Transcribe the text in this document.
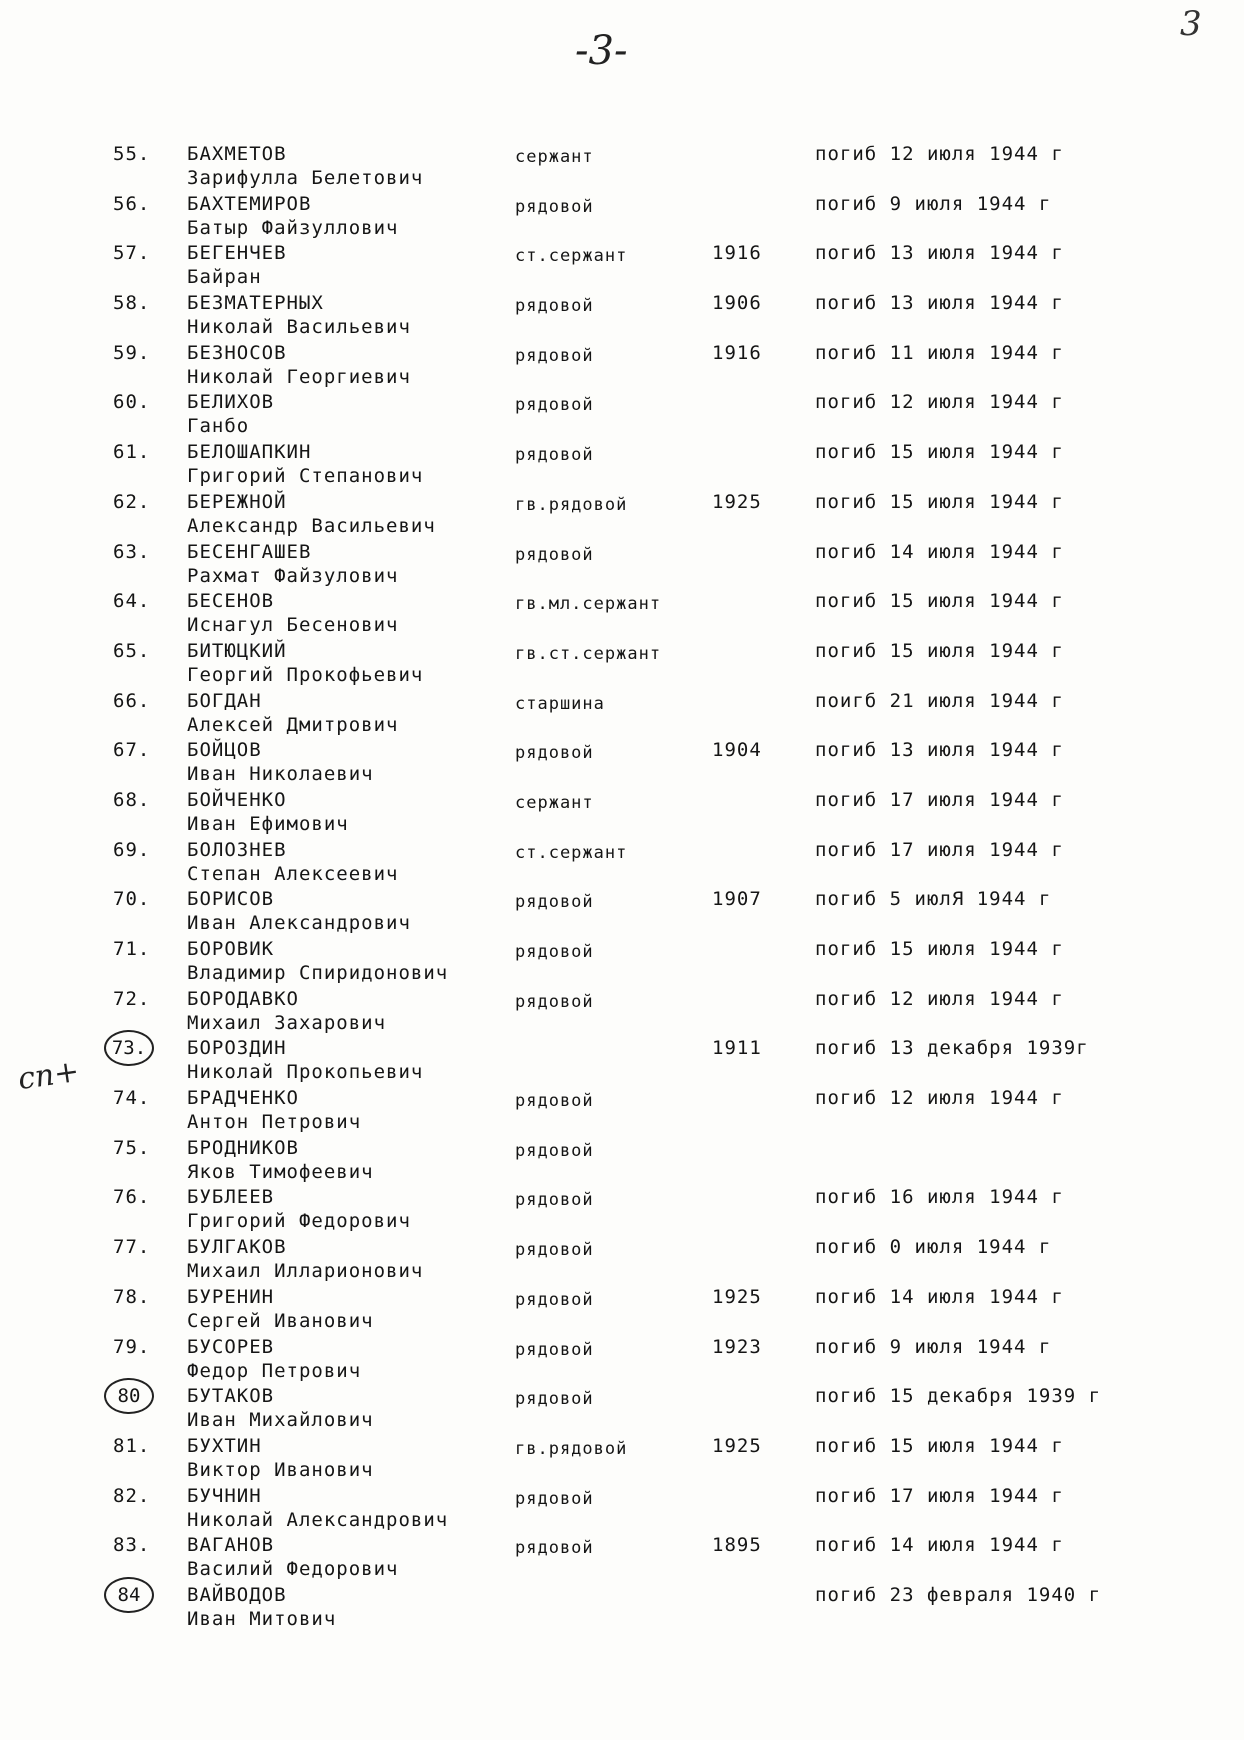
-3-
3
сп+
55.	БАХМЕТОВ
Зарифулла Белетович
сержант	погиб 12 июля 1944 г
56.	БАХТЕМИРОВ
Батыр Файзуллович
рядовой	погиб 9 июля 1944 г
57.	БЕГЕНЧЕВ
Байран
ст.сержант	1916	погиб 13 июля 1944 г
58.	БЕЗМАТЕРНЫХ
Николай Васильевич
рядовой	1906	погиб 13 июля 1944 г
59.	БЕЗНОСОВ
Николай Георгиевич
рядовой	1916	погиб 11 июля 1944 г
60.	БЕЛИХОВ
Ганбо
рядовой	погиб 12 июля 1944 г
61.	БЕЛОШАПКИН
Григорий Степанович
рядовой	погиб 15 июля 1944 г
62.	БЕРЕЖНОЙ
Александр Васильевич
гв.рядовой	1925	погиб 15 июля 1944 г
63.	БЕСЕНГАШЕВ
Рахмат Файзулович
рядовой	погиб 14 июля 1944 г
64.	БЕСЕНОВ
Иснагул Бесенович
гв.мл.сержант	погиб 15 июля 1944 г
65.	БИТЮЦКИЙ
Георгий Прокофьевич
гв.ст.сержант	погиб 15 июля 1944 г
66.	БОГДАН
Алексей Дмитрович
старшина	поигб 21 июля 1944 г
67.	БОЙЦОВ
Иван Николаевич
рядовой	1904	погиб 13 июля 1944 г
68.	БОЙЧЕНКО
Иван Ефимович
сержант	погиб 17 июля 1944 г
69.	БОЛОЗНЕВ
Степан Алексеевич
ст.сержант	погиб 17 июля 1944 г
70.	БОРИСОВ
Иван Александрович
рядовой	1907	погиб 5 июлЯ 1944 г
71.	БОРОВИК
Владимир Спиридонович
рядовой	погиб 15 июля 1944 г
72.	БОРОДАВКО
Михаил Захарович
рядовой	погиб 12 июля 1944 г
73.	БОРОЗДИН
Николай Прокопьевич
1911	погиб 13 декабря 1939г
74.	БРАДЧЕНКО
Антон Петрович
рядовой	погиб 12 июля 1944 г
75.	БРОДНИКОВ
Яков Тимофеевич
рядовой
76.	БУБЛЕЕВ
Григорий Федорович
рядовой	погиб 16 июля 1944 г
77.	БУЛГАКОВ
Михаил Илларионович
рядовой	погиб 0 июля 1944 г
78.	БУРЕНИН
Сергей Иванович
рядовой	1925	погиб 14 июля 1944 г
79.	БУСОРЕВ
Федор Петрович
рядовой	1923	погиб 9 июля 1944 г
80	БУТАКОВ
Иван Михайлович
рядовой	погиб 15 декабря 1939 г
81.	БУХТИН
Виктор Иванович
гв.рядовой	1925	погиб 15 июля 1944 г
82.	БУЧНИН
Николай Александрович
рядовой	погиб 17 июля 1944 г
83.	ВАГАНОВ
Василий Федорович
рядовой	1895	погиб 14 июля 1944 г
84	ВАЙВОДОВ
Иван Митович
погиб 23 февраля 1940 г
